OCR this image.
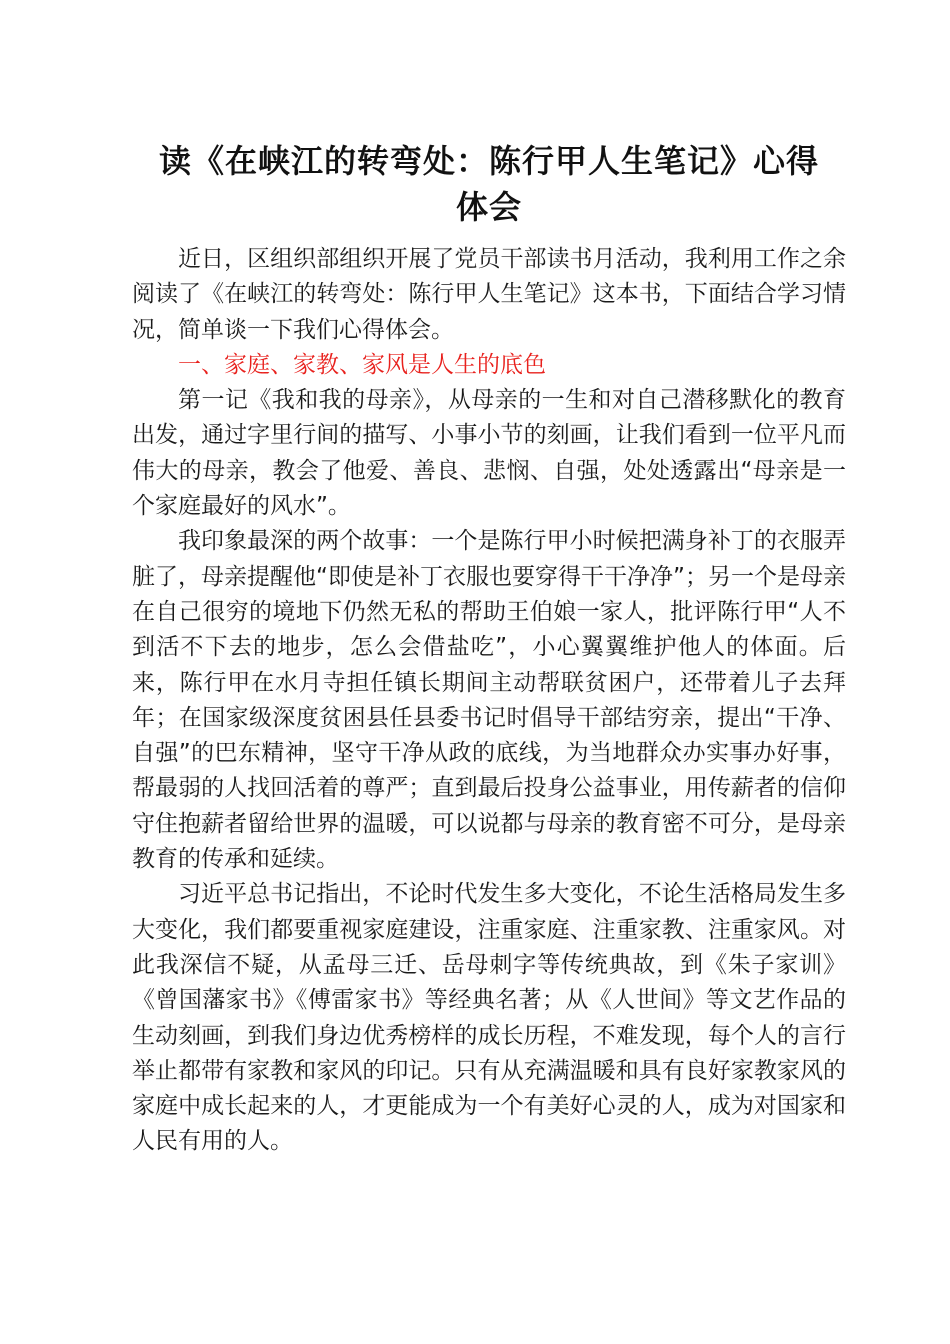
读《在峡江的转弯处：陈行甲人生笔记》心得
体会

近日，区组织部组织开展了党员干部读书月活动，我利用工作之余阅读了《在峡江的转弯处：陈行甲人生笔记》这本书，下面结合学习情况，简单谈一下我们心得体会。

一、家庭、家教、家风是人生的底色

第一记《我和我的母亲》，从母亲的一生和对自己潜移默化的教育出发，通过字里行间的描写、小事小节的刻画，让我们看到一位平凡而伟大的母亲，教会了他爱、善良、悲悯、自强，处处透露出“母亲是一个家庭最好的风水”。

我印象最深的两个故事：一个是陈行甲小时候把满身补丁的衣服弄脏了，母亲提醒他“即使是补丁衣服也要穿得干干净净”；另一个是母亲在自己很穷的境地下仍然无私的帮助王伯娘一家人，批评陈行甲“人不到活不下去的地步，怎么会借盐吃”，小心翼翼维护他人的体面。后来，陈行甲在水月寺担任镇长期间主动帮联贫困户，还带着儿子去拜年；在国家级深度贫困县任县委书记时倡导干部结穷亲，提出“干净、自强”的巴东精神，坚守干净从政的底线，为当地群众办实事办好事，帮最弱的人找回活着的尊严；直到最后投身公益事业，用传薪者的信仰守住抱薪者留给世界的温暖，可以说都与母亲的教育密不可分，是母亲教育的传承和延续。

习近平总书记指出，不论时代发生多大变化，不论生活格局发生多大变化，我们都要重视家庭建设，注重家庭、注重家教、注重家风。对此我深信不疑，从孟母三迁、岳母刺字等传统典故，到《朱子家训》《曾国藩家书》《傅雷家书》等经典名著；从《人世间》等文艺作品的生动刻画，到我们身边优秀榜样的成长历程，不难发现，每个人的言行举止都带有家教和家风的印记。只有从充满温暖和具有良好家教家风的家庭中成长起来的人，才更能成为一个有美好心灵的人，成为对国家和人民有用的人。
